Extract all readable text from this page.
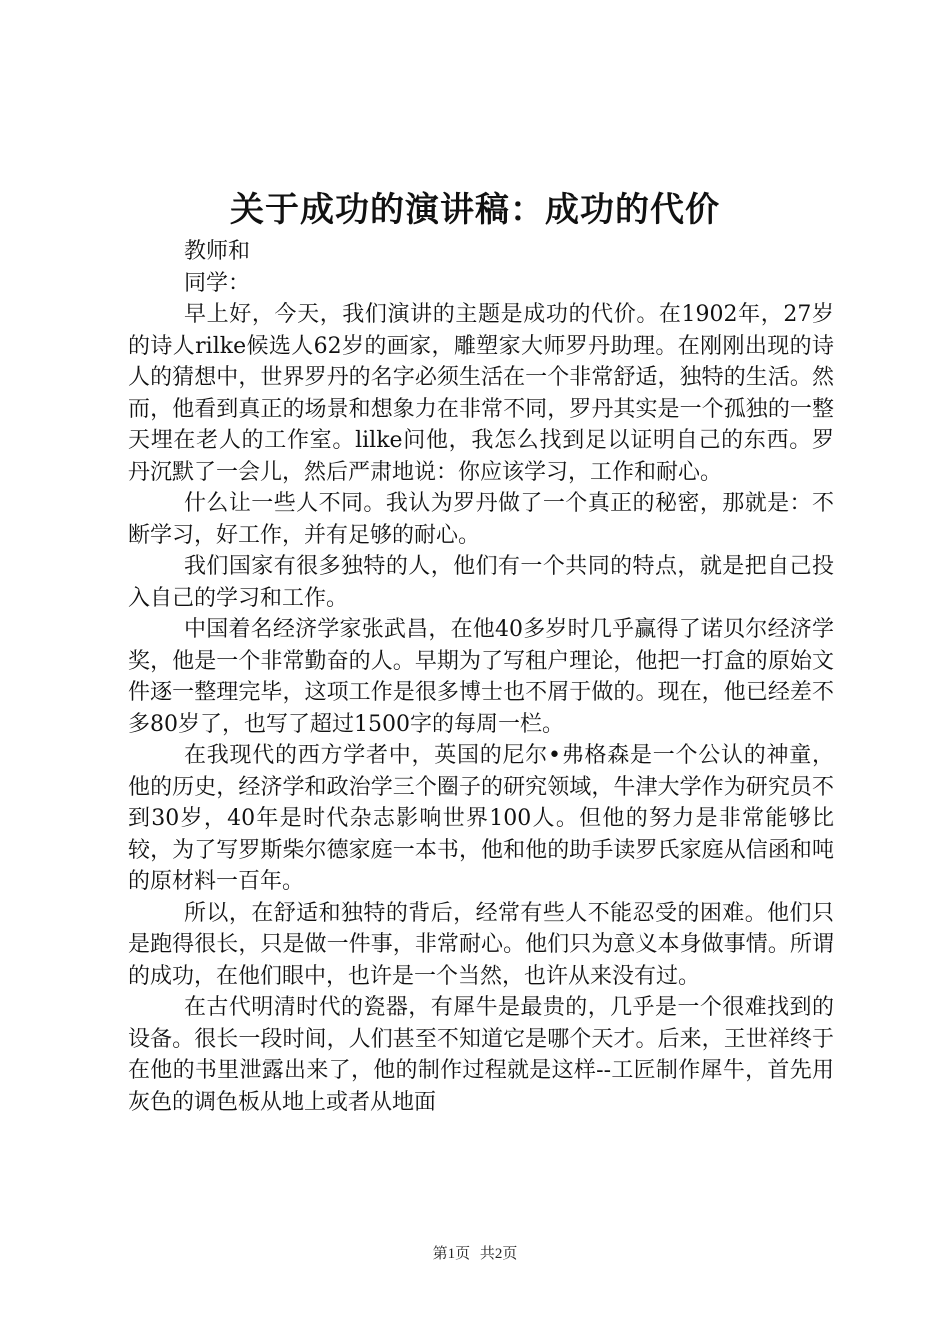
关于成功的演讲稿：成功的代价

教师和

同学：

早上好，今天，我们演讲的主题是成功的代价。在1902年，27岁的诗人rilke候选人62岁的画家，雕塑家大师罗丹助理。在刚刚出现的诗人的猜想中，世界罗丹的名字必须生活在一个非常舒适，独特的生活。然而，他看到真正的场景和想象力在非常不同，罗丹其实是一个孤独的一整天埋在老人的工作室。lilke问他，我怎么找到足以证明自己的东西。罗丹沉默了一会儿，然后严肃地说：你应该学习，工作和耐心。

什么让一些人不同。我认为罗丹做了一个真正的秘密，那就是：不断学习，好工作，并有足够的耐心。

我们国家有很多独特的人，他们有一个共同的特点，就是把自己投入自己的学习和工作。

中国着名经济学家张武昌，在他40多岁时几乎赢得了诺贝尔经济学奖，他是一个非常勤奋的人。早期为了写租户理论，他把一打盒的原始文件逐一整理完毕，这项工作是很多博士也不屑于做的。现在，他已经差不多80岁了，也写了超过1500字的每周一栏。

在我现代的西方学者中，英国的尼尔•弗格森是一个公认的神童，他的历史，经济学和政治学三个圈子的研究领域，牛津大学作为研究员不到30岁，40年是时代杂志影响世界100人。但他的努力是非常能够比较，为了写罗斯柴尔德家庭一本书，他和他的助手读罗氏家庭从信函和吨的原材料一百年。

所以，在舒适和独特的背后，经常有些人不能忍受的困难。他们只是跑得很长，只是做一件事，非常耐心。他们只为意义本身做事情。所谓的成功，在他们眼中，也许是一个当然，也许从来没有过。

在古代明清时代的瓷器，有犀牛是最贵的，几乎是一个很难找到的设备。很长一段时间，人们甚至不知道它是哪个天才。后来，王世祥终于在他的书里泄露出来了，他的制作过程就是这样--工匠制作犀牛，首先用灰色的调色板从地上或者从地面

第1页 共2页
